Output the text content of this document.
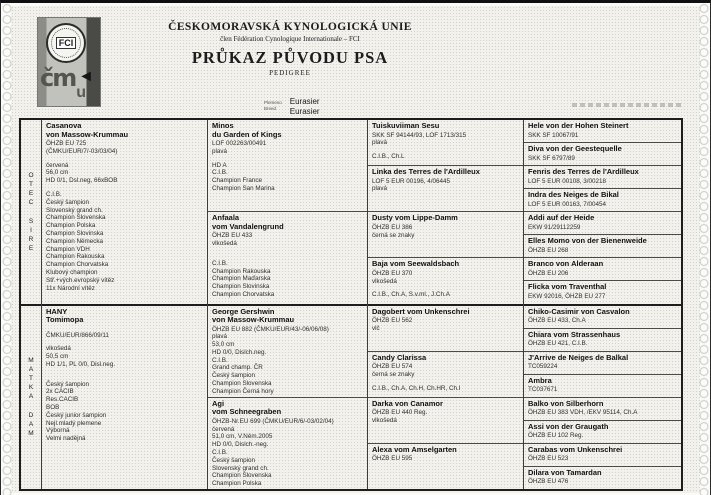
FCI
čm ◄
u
ČESKOMORAVSKÁ KYNOLOGICKÁ UNIE
člen Fédération Cynologique Internationale – FCI
PRŮKAZ PŮVODU PSA
PEDIGREE
Plemeno
Breed
Eurasier
Eurasier
O
T
E
C
S
I
R
E
M
A
T
K
A
D
A
M
Casanova
von Massow-Krummau
ÖHZB EU 725
(ČMKU/EUR/7/-03/03/04)
červená
56,0 cm
HD 0/1, Dsl.neg, 66xBOB
C.I.B.
Český šampion
Slovenský grand ch.
Champion Slovenska
Champion Polska
Champion Slovinska
Champion Německa
Champion VDH
Champion Rakouska
Champion Chorvatska
Klubový champion
Stř.+vých.evropský vítěz
11x Národní vítěz
HANY
Tomimopa
ČMKU/EUR/866/09/11
vlkošedá
50,5 cm
HD 1/1, PL 0/0, Disl.neg.
Český šampion
2x CACIB
Res.CACIB
BOB
Český junior šampion
Nejl.mladý plemene
Výborná
Velmi nadějná
Minos
du Garden of Kings
LOF 002263/00491
plavá
HD A
C.I.B.
Champion France
Champion San Marina
Anfaala
vom Vandalengrund
ÖHZB EU 433
vlkošedá
C.I.B.
Champion Rakouska
Champion Maďarska
Champion Slovinska
Champion Chorvatska
George Gershwin
von Massow-Krummau
ÖHZB EU 882 (ČMKU/EUR/43/-06/06/08)
plavá
53,0 cm
HD 0/0, Dislch.neg.
C.I.B.
Grand champ. ČR
Český šampion
Champion Slovenska
Champion Černá hory
Agi
vom Schneegraben
ÖHZB-Nr.EU 699 (ČMKU/EUR/6/-03/02/04)
červená
51,0 cm, V.Něm.2005
HD 0/0, Dislch.-neg.
C.I.B.
Český šampion
Slovenský grand ch.
Champion Slovenska
Champion Polska
Tuiskuviiman Sesu
SKK SF 94144/93, LOF 1713/315
plavá
C.I.B., Ch.L
Linka des Terres de l'Ardilleux
LOF 5 EUR 00196, 4/06445
plavá
Dusty vom Lippe-Damm
ÖHZB EU 386
černá se znaky
Baja vom Seewaldsbach
ÖHZB EU 370
vlkošedá
C.I.B., Ch.A, S.v.ml., J.Ch.A
Dagobert vom Unkenschrei
ÖHZB EU 562
vlč
Candy Clarissa
ÖHZB EU 574
černá se znaky
C.I.B., Ch.A, Ch.H, Ch.HR, Ch.I
Darka von Canamor
ÖHZB EU 440 Reg.
vlkošedá
Alexa vom Amselgarten
ÖHZB EU 595
Hele von der Hohen Steinert
SKK SF 10067/91
Diva von der Geestequelle
SKK SF 6797/89
Fenris des Terres de l'Ardilleux
LOF 5 EUR 00108, 3/00218
Indra des Neiges de Bikal
LOF 5 EUR 00163, 7/00454
Addi auf der Heide
EKW 91/29112259
Elles Momo von der Bienenweide
ÖHZB EU 268
Branco von Alderaan
ÖHZB EU 206
Flicka vom Traventhal
EKW 92016, ÖHZB EU 277
Chiko-Casimir von Casvalon
ÖHZB EU 433, Ch.A
Chiara vom Strassenhaus
ÖHZB EU 421, C.I.B.
J'Arrive de Neiges de Balkal
TC059224
Ambra
TC037671
Balko von Silberhorn
ÖHZB EU 383 VDH, /EKV 95114, Ch.A
Assi von der Graugath
ÖHZB EU 102 Reg.
Carabas vom Unkenschrei
ÖHZB EU 523
Dilara von Tamardan
ÖHZB EU 476
